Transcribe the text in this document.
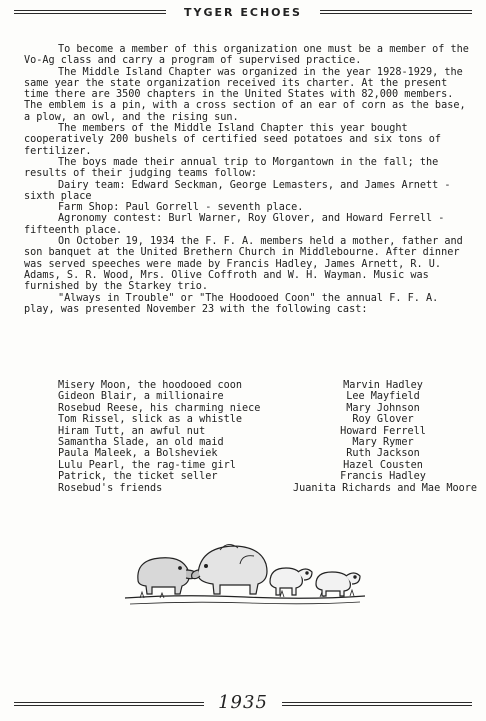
TYGER ECHOES

To become a member of this organization one must be a member of the Vo-Ag class and carry a program of supervised practice.

The Middle Island Chapter was organized in the year 1928-1929, the same year the state organization received its charter. At the present time there are 3500 chapters in the United States with 82,000 members. The emblem is a pin, with a cross section of an ear of corn as the base, a plow, an owl, and the rising sun.

The members of the Middle Island Chapter this year bought cooperatively 200 bushels of certified seed potatoes and six tons of fertilizer.

The boys made their annual trip to Morgantown in the fall; the results of their judging teams follow:

Dairy team: Edward Seckman, George Lemasters, and James Arnett - sixth place

Farm Shop: Paul Gorrell - seventh place.

Agronomy contest: Burl Warner, Roy Glover, and Howard Ferrell - fifteenth place.

On October 19, 1934 the F. F. A. members held a mother, father and son banquet at the United Brethern Church in Middlebourne. After dinner was served speeches were made by Francis Hadley, James Arnett, R. U. Adams, S. R. Wood, Mrs. Olive Coffroth and W. H. Wayman. Music was furnished by the Starkey trio.

"Always in Trouble" or "The Hoodooed Coon" the annual F. F. A. play, was presented November 23 with the following cast:

Misery Moon, the hoodooed coon	Marvin Hadley
Gideon Blair, a millionaire	Lee Mayfield
Rosebud Reese, his charming niece	Mary Johnson
Tom Rissel, slick as a whistle	Roy Glover
Hiram Tutt, an awful nut	Howard Ferrell
Samantha Slade, an old maid	Mary Rymer
Paula Maleek, a Bolsheviek	Ruth Jackson
Lulu Pearl, the rag-time girl	Hazel Cousten
Patrick, the ticket seller	Francis Hadley
Rosebud's friends	Juanita Richards and Mae Moore
1935
